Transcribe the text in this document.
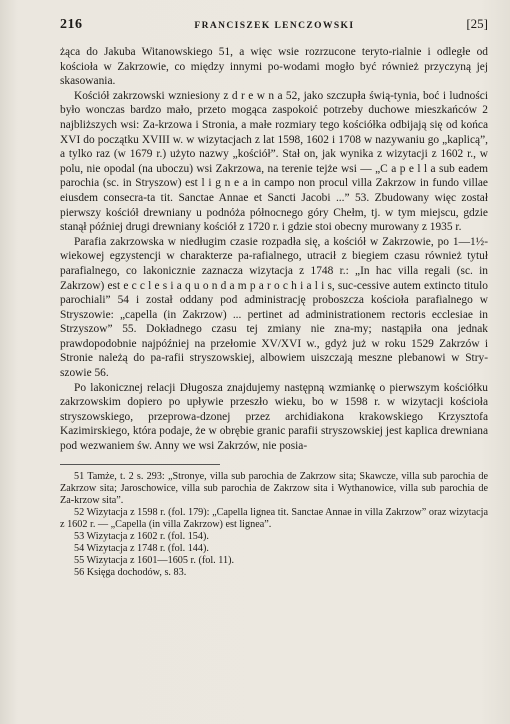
216	FRANCISZEK LENCZOWSKI	[25]

żąca do Jakuba Witanowskiego 51, a więc wsie rozrzucone teryto-rialnie i odległe od kościoła w Zakrzowie, co między innymi po-wodami mogło być również przyczyną jej skasowania.

Kościół zakrzowski wzniesiony z d r e w n a 52, jako szczupła świą-tynia, boć i ludności było wonczas bardzo mało, przeto mogąca zaspokoić potrzeby duchowe mieszkańców 2 najbliższych wsi: Za-krzowa i Stronia, a małe rozmiary tego kościółka odbijają się od końca XVI do początku XVIII w. w wizytacjach z lat 1598, 1602 i 1708 w nazywaniu go „kaplicą”, a tylko raz (w 1679 r.) użyto nazwy „kościół”. Stał on, jak wynika z wizytacji z 1602 r., w polu, nie opodal (na uboczu) wsi Zakrzowa, na terenie tejże wsi — „C a p e l l a sub eadem parochia (sc. in Stryszow) est l i g n e a in campo non procul villa Zakrzow in fundo villae eiusdem consecra-ta tit. Sanctae Annae et Sancti Jacobi ...” 53. Zbudowany więc został pierwszy kościół drewniany u podnóża północnego góry Chełm, tj. w tym miejscu, gdzie stanął później drugi drewniany kościół z 1720 r. i gdzie stoi obecny murowany z 1935 r.

Parafia zakrzowska w niedługim czasie rozpadła się, a kościół w Zakrzowie, po 1—1½-wiekowej egzystencji w charakterze pa-rafialnego, utracił z biegiem czasu również tytuł parafialnego, co lakonicznie zaznacza wizytacja z 1748 r.: „In hac villa regali (sc. in Zakrzow) est e c c l e s i a q u o n d a m p a r o c h i a l i s, suc-cessive autem extincto titulo parochiali” 54 i został oddany pod administrację proboszcza kościoła parafialnego w Stryszowie: „capella (in Zakrzow) ... pertinet ad administrationem rectoris ecclesiae in Strzyszow” 55. Dokładnego czasu tej zmiany nie zna-my; nastąpiła ona jednak prawdopodobnie najpóźniej na przełomie XV/XVI w., gdyż już w roku 1529 Zakrzów i Stronie należą do pa-rafii stryszowskiej, albowiem uiszczają meszne plebanowi w Stry-szowie 56.

Po lakonicznej relacji Długosza znajdujemy następną wzmiankę o pierwszym kościółku zakrzowskim dopiero po upływie przeszło wieku, bo w 1598 r. w wizytacji kościoła stryszowskiego, przeprowa-dzonej przez archidiakona krakowskiego Krzysztofa Kazimirskiego, która podaje, że w obrębie granic parafii stryszowskiej jest kaplica drewniana pod wezwaniem św. Anny we wsi Zakrzów, nie posia-

51 Tamże, t. 2 s. 293: „Stronye, villa sub parochia de Zakrzow sita; Skawcze, villa sub parochia de Zakrzow sita; Jaroschowice, villa sub parochia de Zakrzow sita i Wythanowice, villa sub parochia de Za-krzow sita”.

52 Wizytacja z 1598 r. (fol. 179): „Capella lignea tit. Sanctae Annae in villa Zakrzow” oraz wizytacja z 1602 r. — „Capella (in villa Zakrzow) est lignea”.

53 Wizytacja z 1602 r. (fol. 154).

54 Wizytacja z 1748 r. (fol. 144).

55 Wizytacja z 1601—1605 r. (fol. 11).

56 Księga dochodów, s. 83.
